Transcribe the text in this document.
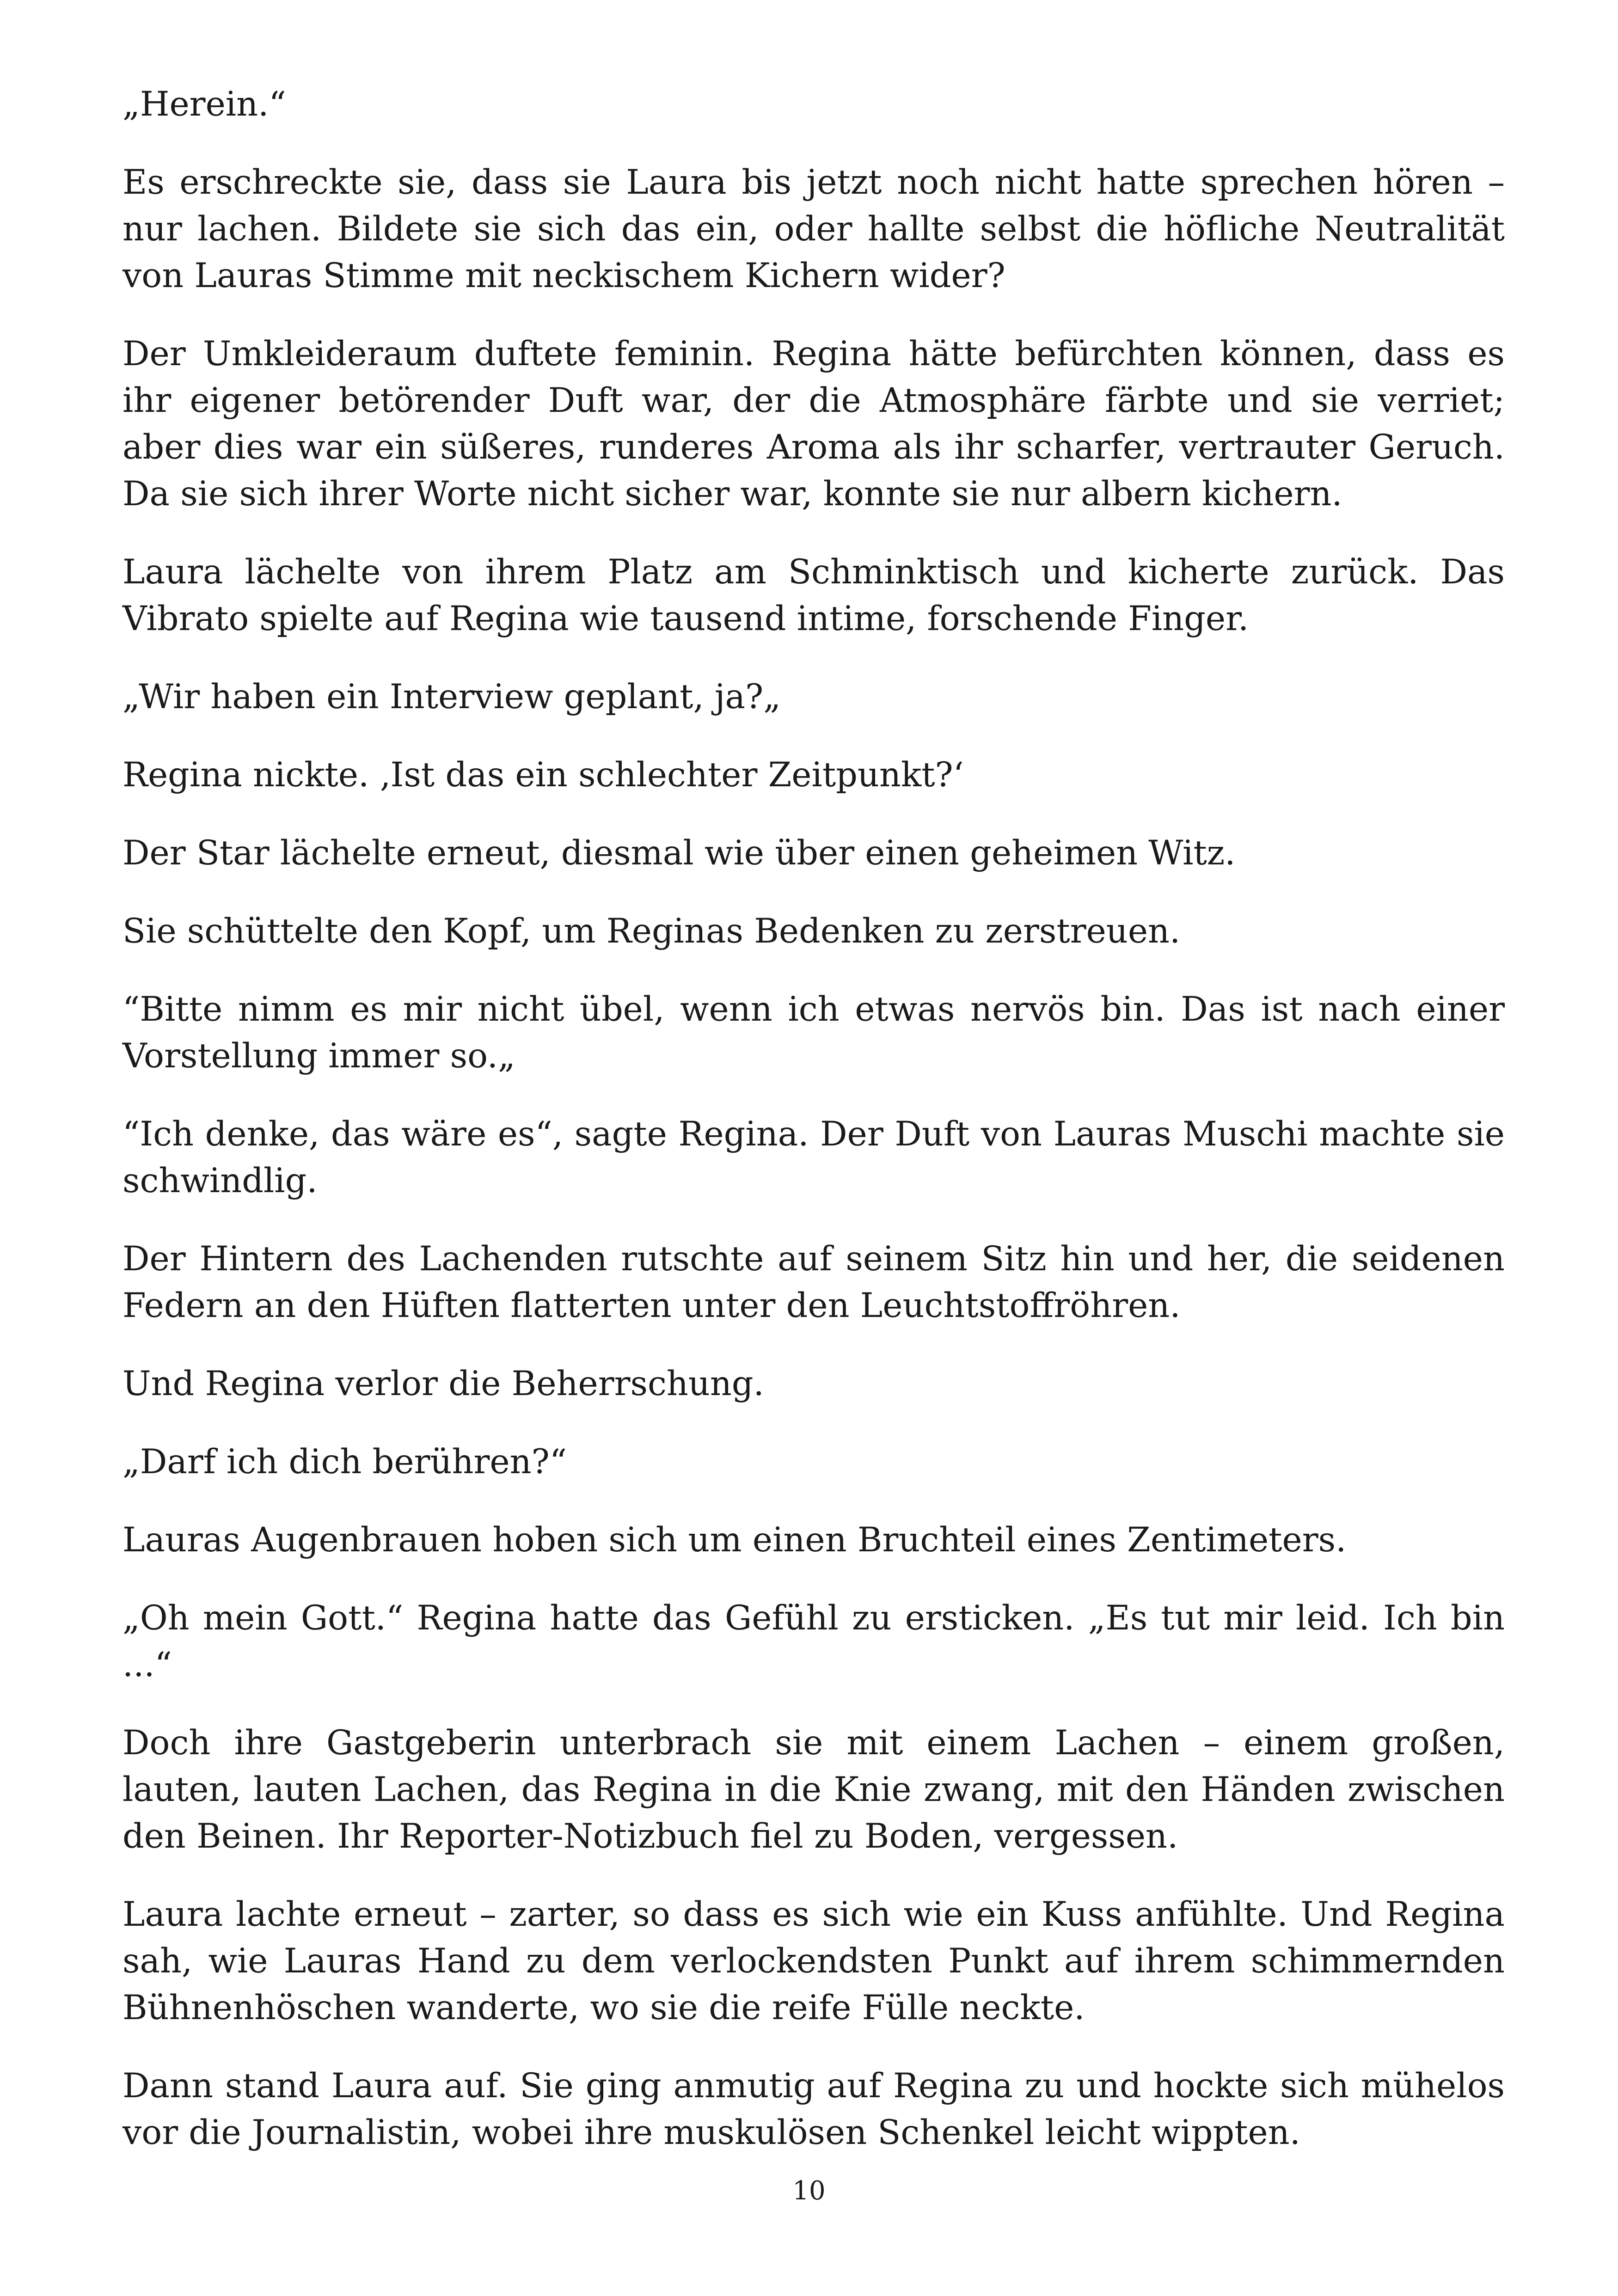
„Herein.“

Es erschreckte sie, dass sie Laura bis jetzt noch nicht hatte sprechen hören – nur lachen. Bildete sie sich das ein, oder hallte selbst die höfliche Neutralität von Lauras Stimme mit neckischem Kichern wider?

Der Umkleideraum duftete feminin. Regina hätte befürchten können, dass es ihr eigener betörender Duft war, der die Atmosphäre färbte und sie verriet; aber dies war ein süßeres, runderes Aroma als ihr scharfer, vertrauter Geruch. Da sie sich ihrer Worte nicht sicher war, konnte sie nur albern kichern.

Laura lächelte von ihrem Platz am Schminktisch und kicherte zurück. Das Vibrato spielte auf Regina wie tausend intime, forschende Finger.

„Wir haben ein Interview geplant, ja?„

Regina nickte. ‚Ist das ein schlechter Zeitpunkt?‘

Der Star lächelte erneut, diesmal wie über einen geheimen Witz.

Sie schüttelte den Kopf, um Reginas Bedenken zu zerstreuen.

“Bitte nimm es mir nicht übel, wenn ich etwas nervös bin. Das ist nach einer Vorstellung immer so.„

“Ich denke, das wäre es“, sagte Regina. Der Duft von Lauras Muschi machte sie schwindlig.

Der Hintern des Lachenden rutschte auf seinem Sitz hin und her, die seidenen Federn an den Hüften flatterten unter den Leuchtstoffröhren.

Und Regina verlor die Beherrschung.

„Darf ich dich berühren?“

Lauras Augenbrauen hoben sich um einen Bruchteil eines Zentimeters.

„Oh mein Gott.“ Regina hatte das Gefühl zu ersticken. „Es tut mir leid. Ich bin ...“

Doch ihre Gastgeberin unterbrach sie mit einem Lachen – einem großen, lauten, lauten Lachen, das Regina in die Knie zwang, mit den Händen zwischen den Beinen. Ihr Reporter-Notizbuch fiel zu Boden, vergessen.

Laura lachte erneut – zarter, so dass es sich wie ein Kuss anfühlte. Und Regina sah, wie Lauras Hand zu dem verlockendsten Punkt auf ihrem schimmernden Bühnenhöschen wanderte, wo sie die reife Fülle neckte.

Dann stand Laura auf. Sie ging anmutig auf Regina zu und hockte sich mühelos vor die Journalistin, wobei ihre muskulösen Schenkel leicht wippten.

10
